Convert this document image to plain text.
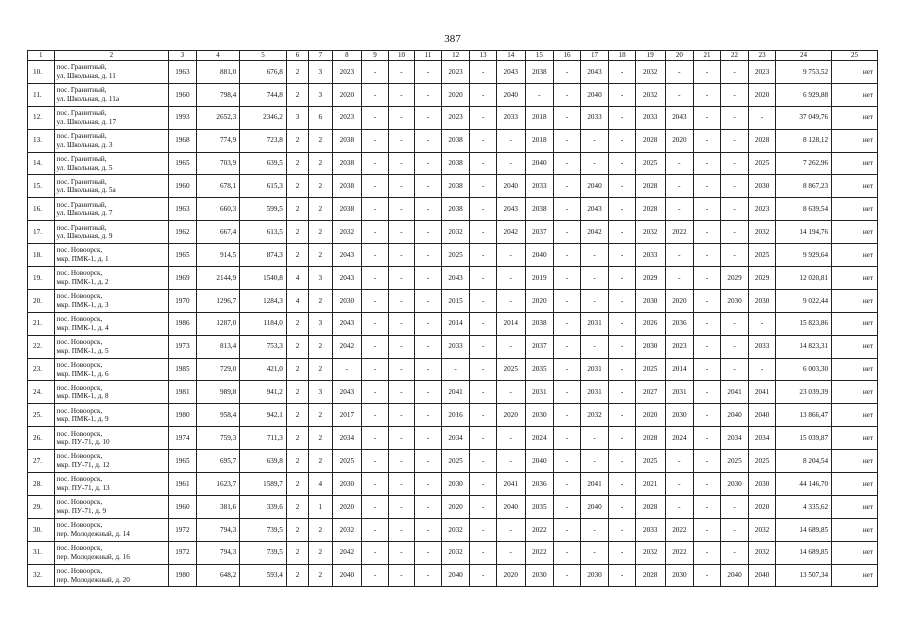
387
1	2	3	4	5	6	7	8	9	10	11	12	13	14	15	16	17	18	19	20	21	22	23	24	25
10.	пос. Гранитный,
ул. Школьная, д. 11	1963	881,0	676,8	2	3	2023	-	-	-	2023	-	2043	2038	-	2043	-	2032	-	-	-	2023	9 753,52	нет
11.	пос. Гранитный,
ул. Школьная, д. 11а	1960	798,4	744,8	2	3	2020	-	-	-	2020	-	2040	-	-	2040	-	2032	-	-	-	2020	6 929,88	нет
12.	пос. Гранитный,
ул. Школьная, д. 17	1993	2652,3	2346,2	3	6	2023	-	-	-	2023	-	2033	2018	-	2033	-	2033	2043	-	-	-	37 049,76	нет
13.	пос. Гранитный,
ул. Школьная, д. 3	1968	774,9	723,8	2	2	2038	-	-	-	2038	-	-	2018	-	-	-	2028	2020	-	-	2028	8 128,12	нет
14.	пос. Гранитный,
ул. Школьная, д. 5	1965	703,9	639,5	2	2	2038	-	-	-	2038	-	-	2040	-	-	-	2025	-	-	-	2025	7 262,96	нет
15.	пос. Гранитный,
ул. Школьная, д. 5а	1960	678,1	615,3	2	2	2038	-	-	-	2038	-	2040	2033	-	2040	-	2028	-	-	-	2030	8 867,23	нет
16.	пос. Гранитный,
ул. Школьная, д. 7	1963	660,3	599,5	2	2	2038	-	-	-	2038	-	2043	2038	-	2043	-	2028	-	-	-	2023	8 639,54	нет
17.	пос. Гранитный,
ул. Школьная, д. 9	1962	667,4	613,5	2	2	2032	-	-	-	2032	-	2042	2037	-	2042	-	2032	2022	-	-	2032	14 194,76	нет
18.	пос. Новоорск,
мкр. ПМК-1, д. 1	1965	914,5	874,3	2	2	2043	-	-	-	2025	-	-	2040	-	-	-	2033	-	-	-	2025	9 929,64	нет
19.	пос. Новоорск,
мкр. ПМК-1, д. 2	1969	2144,9	1540,8	4	3	2043	-	-	-	2043	-	-	2019	-	-	-	2029	-	-	2029	2029	12 020,81	нет
20.	пос. Новоорск,
мкр. ПМК-1, д. 3	1970	1296,7	1284,3	4	2	2030	-	-	-	2015	-	-	2020	-	-	-	2030	2020	-	2030	2030	9 022,44	нет
21.	пос. Новоорск,
мкр. ПМК-1, д. 4	1986	1287,0	1184,0	2	3	2043	-	-	-	2014	-	2014	2038	-	2031	-	2026	2036	-	-	-	15 823,86	нет
22.	пос. Новоорск,
мкр. ПМК-1, д. 5	1973	813,4	753,3	2	2	2042	-	-	-	2033	-	-	2037	-	-	-	2030	2023	-	-	2033	14 823,31	нет
23.	пос. Новоорск,
мкр. ПМК-1, д. 6	1985	729,0	421,0	2	2	-	-	-	-	-	-	2025	2035	-	2031	-	2025	2014	-	-	-	6 003,30	нет
24.	пос. Новоорск,
мкр. ПМК-1, д. 8	1981	989,8	941,2	2	3	2043	-	-	-	2041	-	-	2031	-	2031	-	2027	2031	-	2041	2041	23 039,39	нет
25.	пос. Новоорск,
мкр. ПМК-1, д. 9	1980	958,4	942,1	2	2	2017	-	-	-	2016	-	2020	2030	-	2032	-	2020	2030	-	2040	2040	13 866,47	нет
26.	пос. Новоорск,
мкр. ПУ-71, д. 10	1974	759,3	711,3	2	2	2034	-	-	-	2034	-	-	2024	-	-	-	2028	2024	-	2034	2034	15 039,87	нет
27.	пос. Новоорск,
мкр. ПУ-71, д. 12	1965	695,7	639,8	2	2	2025	-	-	-	2025	-	-	2040	-	-	-	2025	-	-	2025	2025	8 204,54	нет
28.	пос. Новоорск,
мкр. ПУ-71, д. 13	1961	1623,7	1589,7	2	4	2030	-	-	-	2030	-	2041	2036	-	2041	-	2021	-	-	2030	2030	44 146,70	нет
29.	пос. Новоорск,
мкр. ПУ-71, д. 9	1960	381,6	339,6	2	1	2020	-	-	-	2020	-	2040	2035	-	2040	-	2028	-	-	-	2020	4 335,62	нет
30.	пос. Новоорск,
пер. Молодежный, д. 14	1972	794,3	739,5	2	2	2032	-	-	-	2032	-	-	2022	-	-	-	2033	2022	-	-	2032	14 689,85	нет
31.	пос. Новоорск,
пер. Молодежный, д. 16	1972	794,3	739,5	2	2	2042	-	-	-	2032	-	-	2022	-	-	-	2032	2022	-	-	2032	14 689,85	нет
32.	пос. Новоорск,
пер. Молодежный, д. 20	1980	648,2	593,4	2	2	2040	-	-	-	2040	-	2020	2030	-	2030	-	2028	2030	-	2040	2040	13 507,34	нет
